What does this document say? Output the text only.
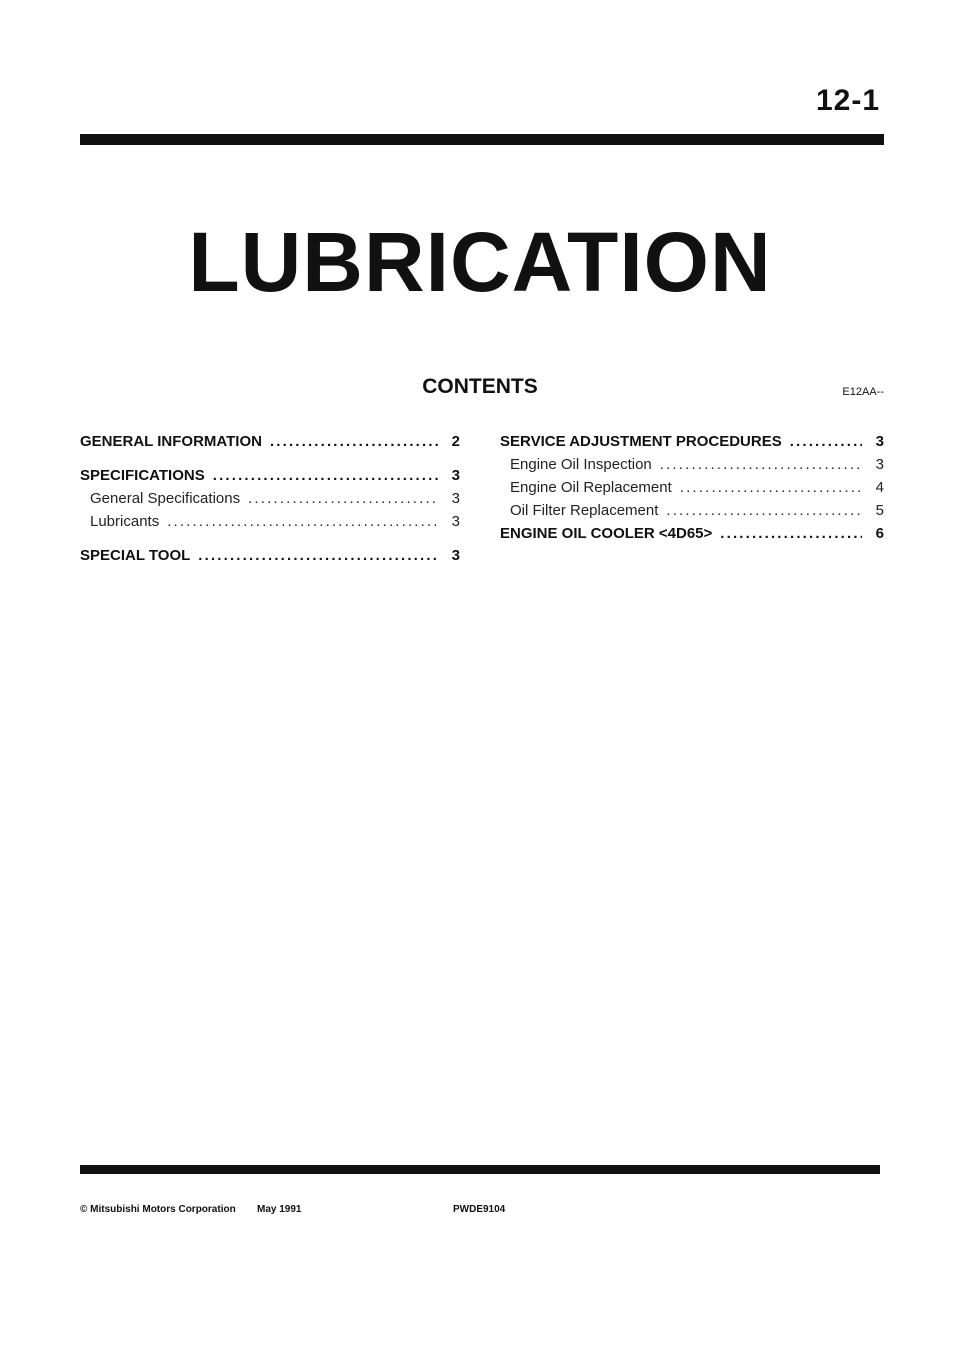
12-1
LUBRICATION
CONTENTS	E12AA--
GENERAL INFORMATION . . .	2
SPECIFICATIONS . . .	3
General Specifications . . .	3
Lubricants . . .	3
SPECIAL TOOL . . .	3
SERVICE ADJUSTMENT PROCEDURES . . .	3
Engine Oil Inspection . . .	3
Engine Oil Replacement . . .	4
Oil Filter Replacement . . .	5
ENGINE OIL COOLER <4D65> . . .	6
© Mitsubishi Motors Corporation May 1991	PWDE9104
